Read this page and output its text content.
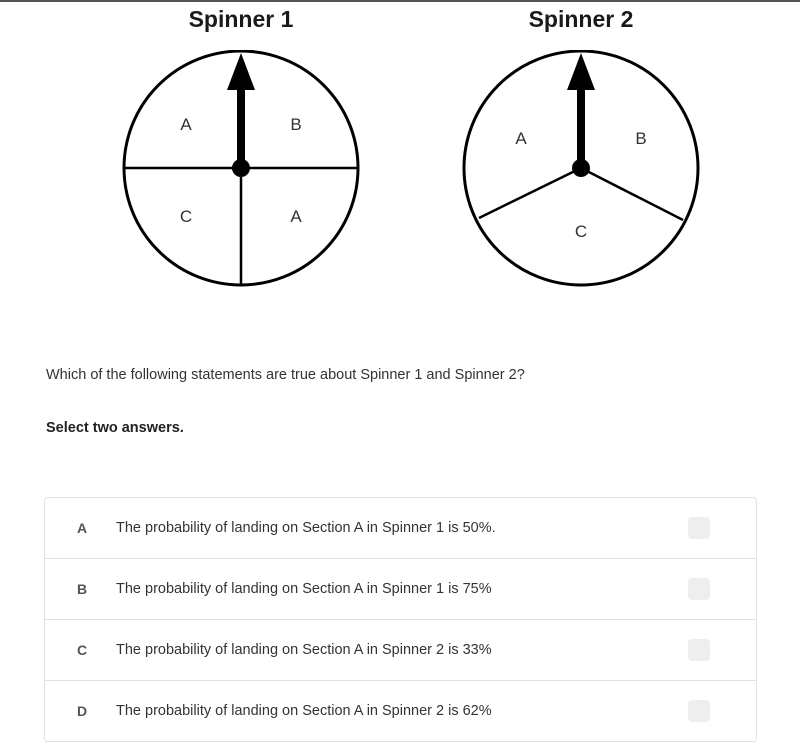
Spinner 1	Spinner 2
A	B
C	A
A	B
C
Which of the following statements are true about Spinner 1 and Spinner 2?
Select two answers.
A The probability of landing on Section A in Spinner 1 is 50%.
B The probability of landing on Section A in Spinner 1 is 75%
C The probability of landing on Section A in Spinner 2 is 33%
D The probability of landing on Section A in Spinner 2 is 62%
